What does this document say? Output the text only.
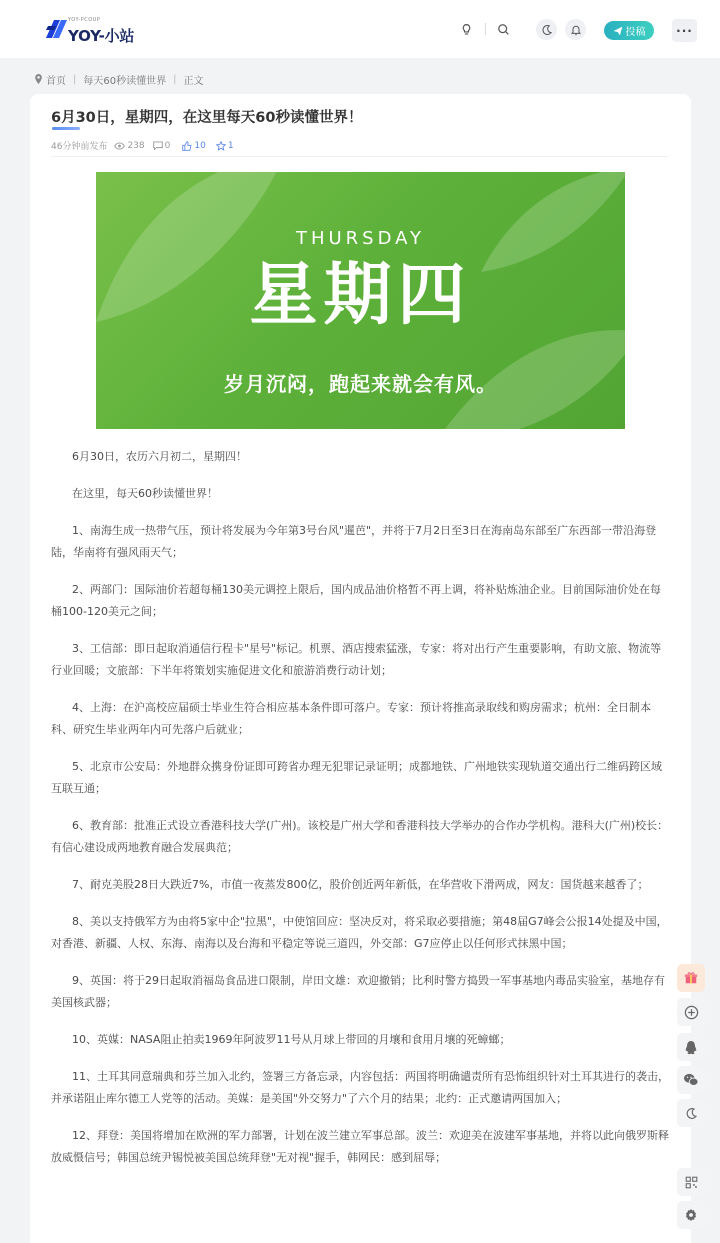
YOY-PCOUP
YOY-小站	投稿	···
首页 | 每天60秒读懂世界 | 正文
6月30日，星期四，在这里每天60秒读懂世界！
46分钟前发布 238 0	10 1
THURSDAY
星期四
岁月沉闷，跑起来就会有风。

6月30日，农历六月初二，星期四！

在这里，每天60秒读懂世界！

1、南海生成一热带气压，预计将发展为今年第3号台风"暹芭"，并将于7月2日至3日在海南岛东部至广东西部一带沿海登陆，华南将有强风雨天气；

2、两部门：国际油价若超每桶130美元调控上限后，国内成品油价格暂不再上调，将补贴炼油企业。目前国际油价处在每桶100-120美元之间；

3、工信部：即日起取消通信行程卡"星号"标记。机票、酒店搜索猛涨，专家：将对出行产生重要影响，有助文旅、物流等行业回暖；文旅部：下半年将策划实施促进文化和旅游消费行动计划；

4、上海：在沪高校应届硕士毕业生符合相应基本条件即可落户。专家：预计将推高录取线和购房需求；杭州：全日制本科、研究生毕业两年内可先落户后就业；

5、北京市公安局：外地群众携身份证即可跨省办理无犯罪记录证明；成都地铁、广州地铁实现轨道交通出行二维码跨区域互联互通；

6、教育部：批准正式设立香港科技大学(广州)。该校是广州大学和香港科技大学举办的合作办学机构。港科大(广州)校长：有信心建设成两地教育融合发展典范；

7、耐克美股28日大跌近7%，市值一夜蒸发800亿，股价创近两年新低，在华营收下滑两成，网友：国货越来越香了；

8、美以支持俄军方为由将5家中企"拉黑"，中使馆回应：坚决反对，将采取必要措施；第48届G7峰会公报14处提及中国，对香港、新疆、人权、东海、南海以及台海和平稳定等说三道四，外交部：G7应停止以任何形式抹黑中国；

9、英国：将于29日起取消福岛食品进口限制，岸田文雄：欢迎撤销；比利时警方捣毁一军事基地内毒品实验室，基地存有美国核武器；

10、英媒：NASA阻止拍卖1969年阿波罗11号从月球上带回的月壤和食用月壤的死蟑螂；

11、土耳其同意瑞典和芬兰加入北约，签署三方备忘录，内容包括：两国将明确谴责所有恐怖组织针对土耳其进行的袭击，并承诺阻止库尔德工人党等的活动。美媒：是美国"外交努力"了六个月的结果；北约：正式邀请两国加入；

12、拜登：美国将增加在欧洲的军力部署，计划在波兰建立军事总部。波兰：欢迎美在波建军事基地，并将以此向俄罗斯释放威慑信号；韩国总统尹锡悦被美国总统拜登"无对视"握手，韩网民：感到屈辱；
